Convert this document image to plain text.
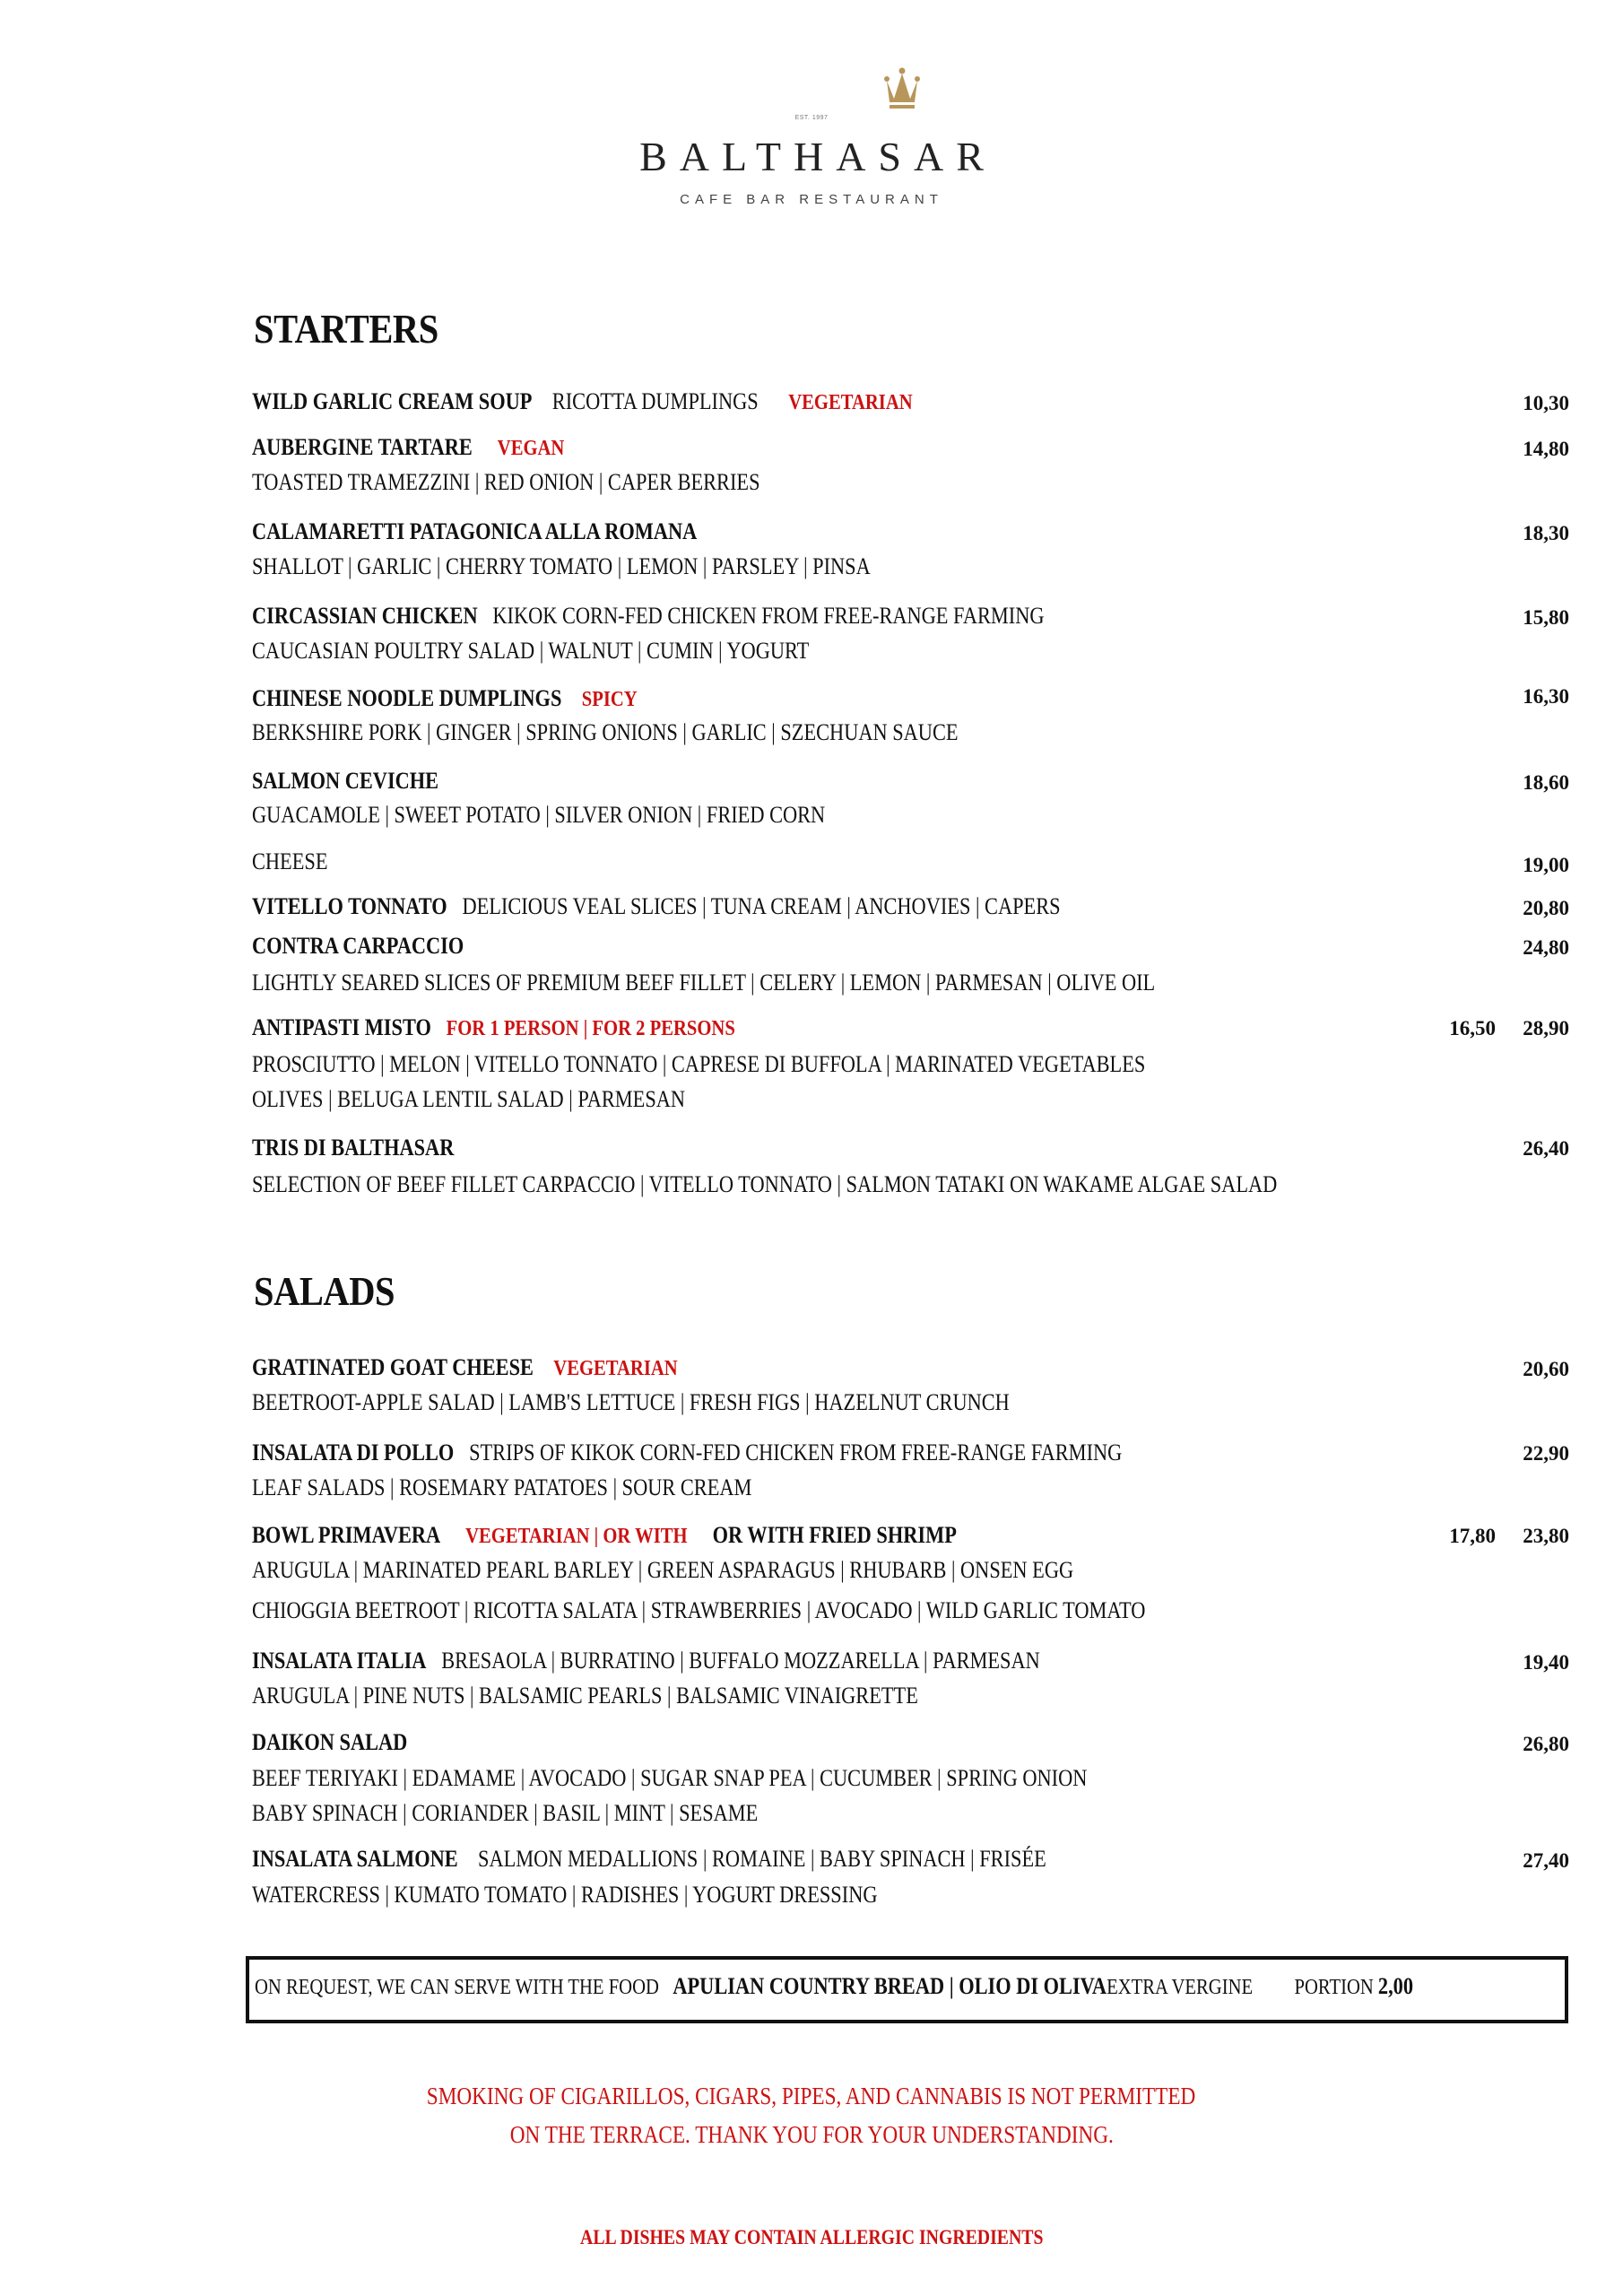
EST. 1997
BALTHASAR
CAFE BAR RESTAURANT
STARTERS
WILD GARLIC CREAM SOUP RICOTTA DUMPLINGS VEGETARIAN	10,30
AUBERGINE TARTARE VEGAN	14,80
TOASTED TRAMEZZINI | RED ONION | CAPER BERRIES
CALAMARETTI PATAGONICA ALLA ROMANA	18,30
SHALLOT | GARLIC | CHERRY TOMATO | LEMON | PARSLEY | PINSA
CIRCASSIAN CHICKEN KIKOK CORN-FED CHICKEN FROM FREE-RANGE FARMING	15,80
CAUCASIAN POULTRY SALAD | WALNUT | CUMIN | YOGURT
CHINESE NOODLE DUMPLINGS SPICY	16,30
BERKSHIRE PORK | GINGER | SPRING ONIONS | GARLIC | SZECHUAN SAUCE
SALMON CEVICHE	18,60
GUACAMOLE | SWEET POTATO | SILVER ONION | FRIED CORN
CHEESE	19,00
VITELLO TONNATO DELICIOUS VEAL SLICES | TUNA CREAM | ANCHOVIES | CAPERS	20,80
CONTRA CARPACCIO	24,80
LIGHTLY SEARED SLICES OF PREMIUM BEEF FILLET | CELERY | LEMON | PARMESAN | OLIVE OIL
ANTIPASTI MISTO FOR 1 PERSON | FOR 2 PERSONS	16,50	28,90
PROSCIUTTO | MELON | VITELLO TONNATO | CAPRESE DI BUFFOLA | MARINATED VEGETABLES
OLIVES | BELUGA LENTIL SALAD | PARMESAN
TRIS DI BALTHASAR	26,40
SELECTION OF BEEF FILLET CARPACCIO | VITELLO TONNATO | SALMON TATAKI ON WAKAME ALGAE SALAD
SALADS
GRATINATED GOAT CHEESE VEGETARIAN	20,60
BEETROOT-APPLE SALAD | LAMB'S LETTUCE | FRESH FIGS | HAZELNUT CRUNCH
INSALATA DI POLLO STRIPS OF KIKOK CORN-FED CHICKEN FROM FREE-RANGE FARMING	22,90
LEAF SALADS | ROSEMARY PATATOES | SOUR CREAM
BOWL PRIMAVERA VEGETARIAN | OR WITH OR WITH FRIED SHRIMP	17,80	23,80
ARUGULA | MARINATED PEARL BARLEY | GREEN ASPARAGUS | RHUBARB | ONSEN EGG
CHIOGGIA BEETROOT | RICOTTA SALATA | STRAWBERRIES | AVOCADO | WILD GARLIC TOMATO
INSALATA ITALIA BRESAOLA | BURRATINO | BUFFALO MOZZARELLA | PARMESAN	19,40
ARUGULA | PINE NUTS | BALSAMIC PEARLS | BALSAMIC VINAIGRETTE
DAIKON SALAD	26,80
BEEF TERIYAKI | EDAMAME | AVOCADO | SUGAR SNAP PEA | CUCUMBER | SPRING ONION
BABY SPINACH | CORIANDER | BASIL | MINT | SESAME
INSALATA SALMONE SALMON MEDALLIONS | ROMAINE | BABY SPINACH | FRISÉE	27,40
WATERCRESS | KUMATO TOMATO | RADISHES | YOGURT DRESSING
ON REQUEST, WE CAN SERVE WITH THE FOOD APULIAN COUNTRY BREAD | OLIO DI OLIVAEXTRA VERGINE PORTION 2,00
SMOKING OF CIGARILLOS, CIGARS, PIPES, AND CANNABIS IS NOT PERMITTED
ON THE TERRACE. THANK YOU FOR YOUR UNDERSTANDING.
ALL DISHES MAY CONTAIN ALLERGIC INGREDIENTS
